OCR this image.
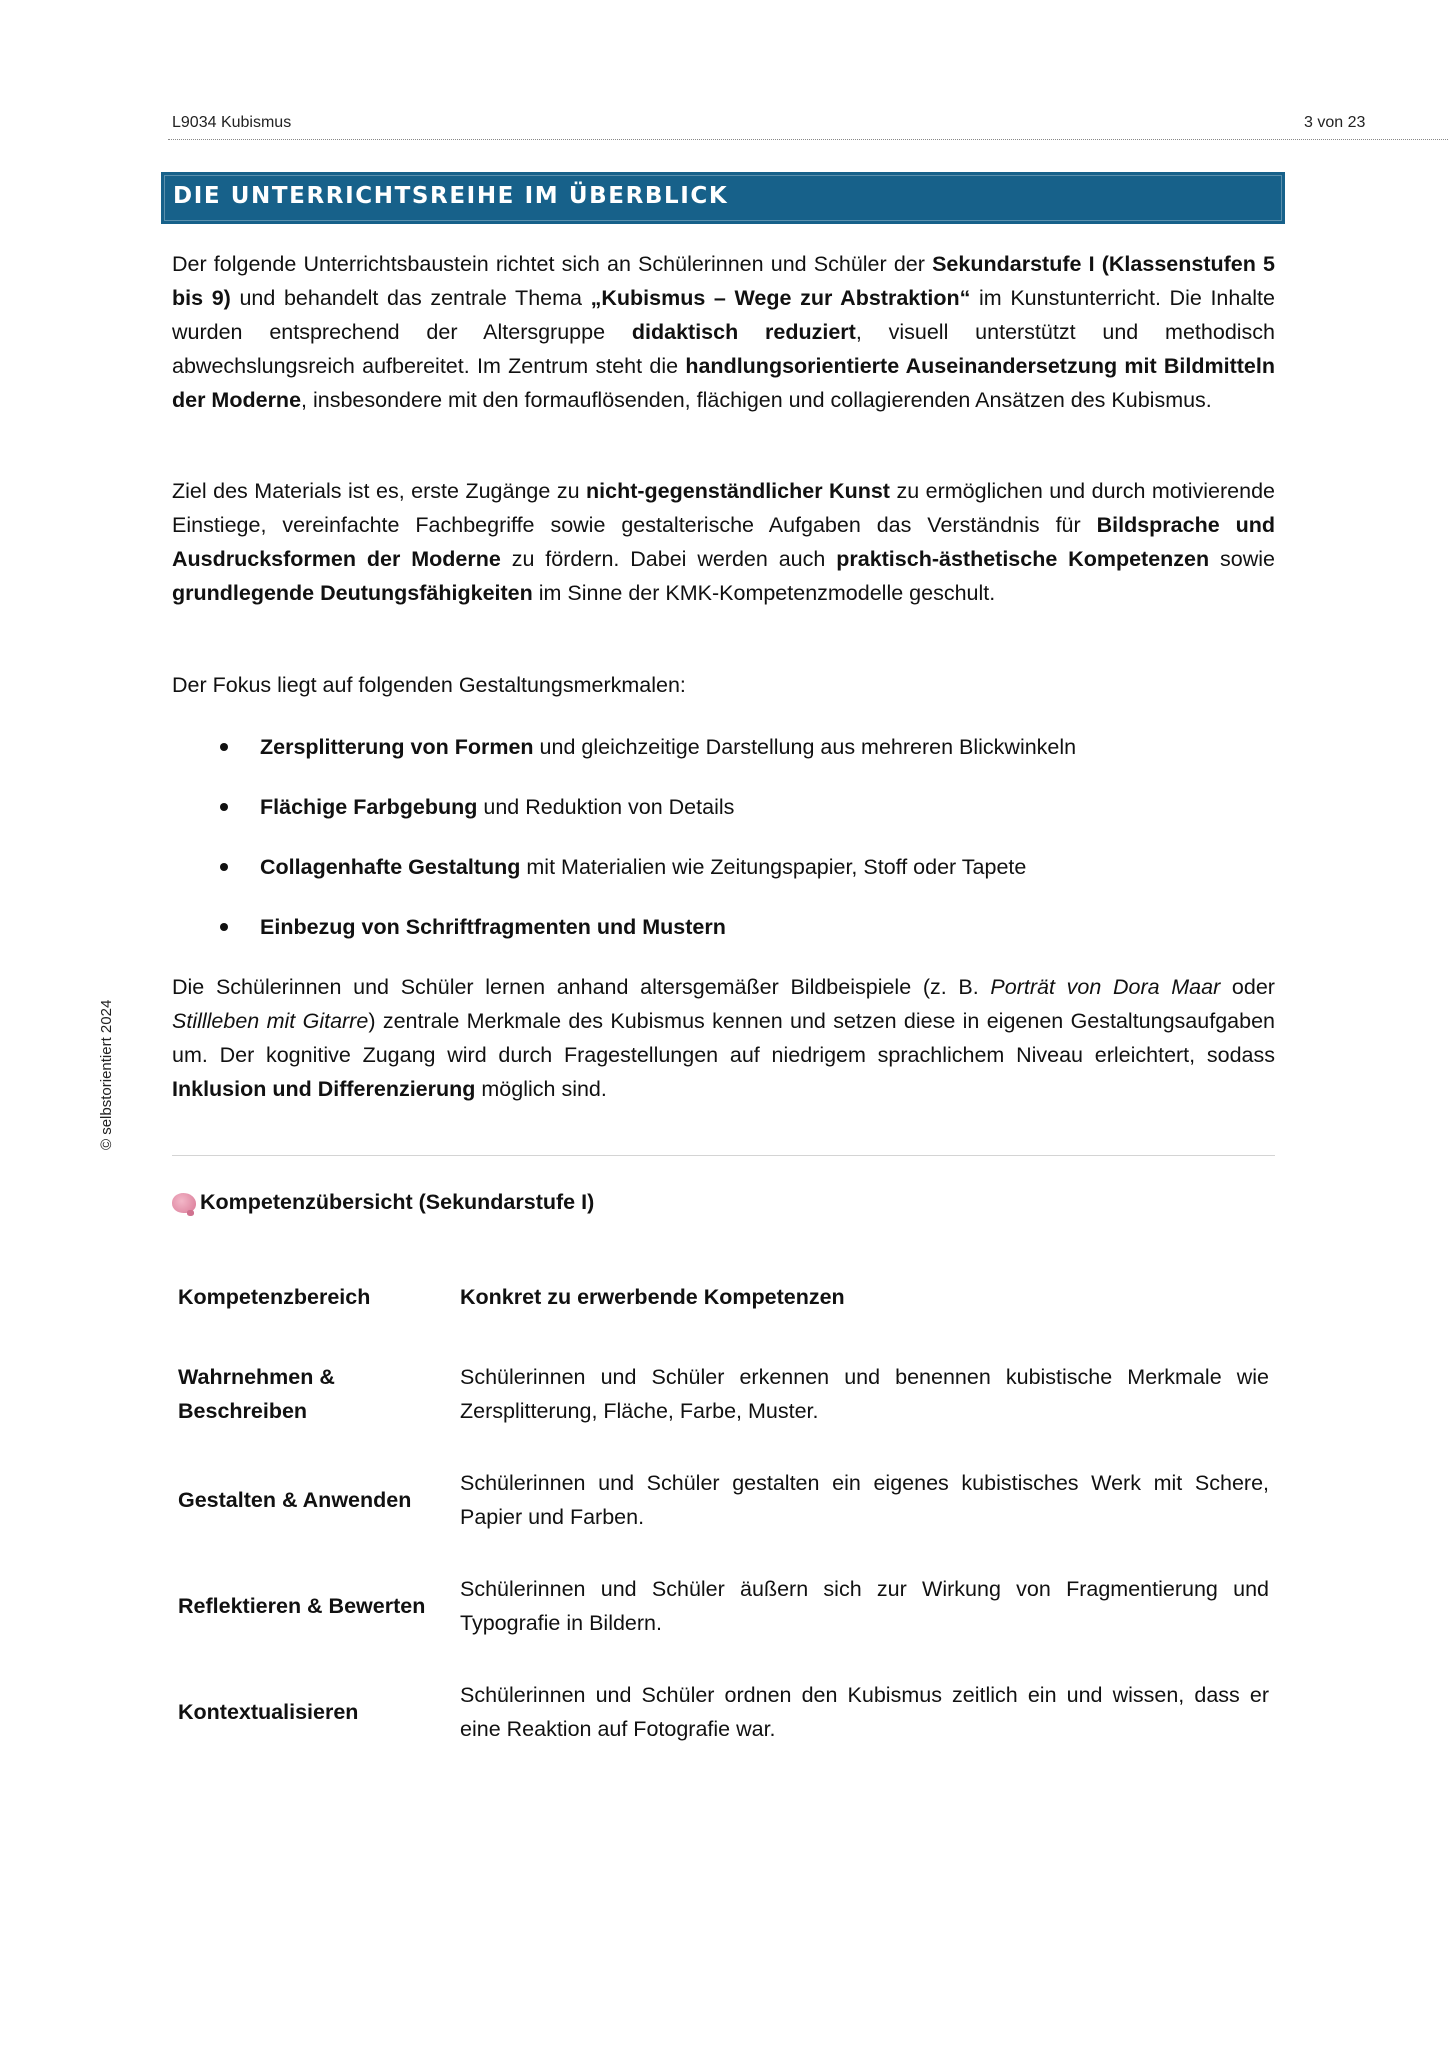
L9034 Kubismus	3 von 23
DIE UNTERRICHTSREIHE IM ÜBERBLICK
© selbstorientiert 2024

Der folgende Unterrichtsbaustein richtet sich an Schülerinnen und Schüler der Sekundarstufe I (Klassenstufen 5 bis 9) und behandelt das zentrale Thema „Kubismus – Wege zur Abstraktion“ im Kunstunterricht. Die Inhalte wurden entsprechend der Altersgruppe didaktisch reduziert, visuell unterstützt und methodisch abwechslungsreich aufbereitet. Im Zentrum steht die handlungsorientierte Auseinandersetzung mit Bildmitteln der Moderne, insbesondere mit den formauflösenden, flächigen und collagierenden Ansätzen des Kubismus.

Ziel des Materials ist es, erste Zugänge zu nicht-gegenständlicher Kunst zu ermöglichen und durch motivierende Einstiege, vereinfachte Fachbegriffe sowie gestalterische Aufgaben das Verständnis für Bildsprache und Ausdrucksformen der Moderne zu fördern. Dabei werden auch praktisch-ästhetische Kompetenzen sowie grundlegende Deutungsfähigkeiten im Sinne der KMK-Kompetenzmodelle geschult.

Der Fokus liegt auf folgenden Gestaltungsmerkmalen:

Zersplitterung von Formen und gleichzeitige Darstellung aus mehreren Blickwinkeln
Flächige Farbgebung und Reduktion von Details
Collagenhafte Gestaltung mit Materialien wie Zeitungspapier, Stoff oder Tapete
Einbezug von Schriftfragmenten und Mustern

Die Schülerinnen und Schüler lernen anhand altersgemäßer Bildbeispiele (z. B. Porträt von Dora Maar oder Stillleben mit Gitarre) zentrale Merkmale des Kubismus kennen und setzen diese in eigenen Gestaltungsaufgaben um. Der kognitive Zugang wird durch Fragestellungen auf niedrigem sprachlichem Niveau erleichtert, sodass Inklusion und Differenzierung möglich sind.

Kompetenzübersicht (Sekundarstufe I)
Kompetenzbereich	Konkret zu erwerbende Kompetenzen

Wahrnehmen & Beschreiben	Schülerinnen und Schüler erkennen und benennen kubistische Merkmale wie Zersplitterung, Fläche, Farbe, Muster.

Gestalten & Anwenden	Schülerinnen und Schüler gestalten ein eigenes kubistisches Werk mit Schere, Papier und Farben.

Reflektieren & Bewerten	Schülerinnen und Schüler äußern sich zur Wirkung von Fragmentierung und Typografie in Bildern.

Kontextualisieren	Schülerinnen und Schüler ordnen den Kubismus zeitlich ein und wissen, dass er eine Reaktion auf Fotografie war.
